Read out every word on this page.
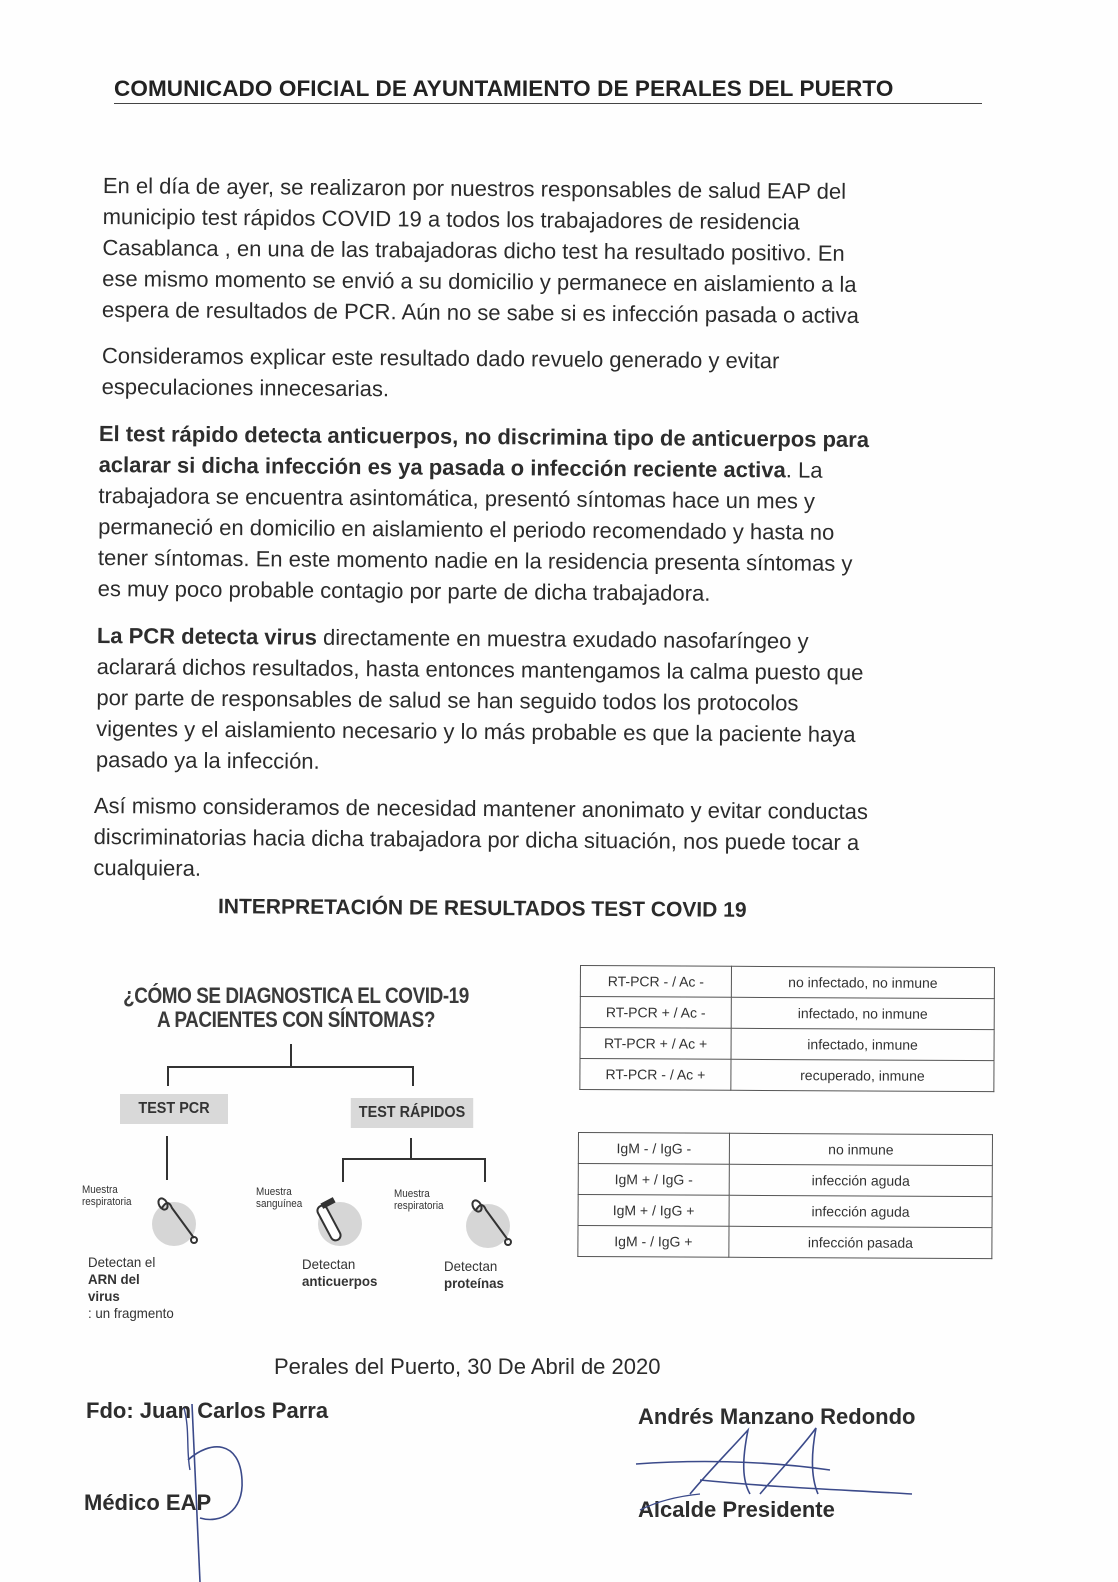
COMUNICADO OFICIAL DE AYUNTAMIENTO DE PERALES DEL PUERTO

En el día de ayer, se realizaron por nuestros responsables de salud EAP del
municipio test rápidos COVID 19 a todos los trabajadores de residencia
Casablanca , en una de las trabajadoras dicho test ha resultado positivo. En
ese mismo momento se envió a su domicilio y permanece en aislamiento a la
espera de resultados de PCR. Aún no se sabe si es infección pasada o activa

Consideramos explicar este resultado dado revuelo generado y evitar
especulaciones innecesarias.

El test rápido detecta anticuerpos, no discrimina tipo de anticuerpos para
aclarar si dicha infección es ya pasada o infección reciente activa. La
trabajadora se encuentra asintomática, presentó síntomas hace un mes y
permaneció en domicilio en aislamiento el periodo recomendado y hasta no
tener síntomas. En este momento nadie en la residencia presenta síntomas y
es muy poco probable contagio por parte de dicha trabajadora.

La PCR detecta virus directamente en muestra exudado nasofaríngeo y
aclarará dichos resultados, hasta entonces mantengamos la calma puesto que
por parte de responsables de salud se han seguido todos los protocolos
vigentes y el aislamiento necesario y lo más probable es que la paciente haya
pasado ya la infección.

Así mismo consideramos de necesidad mantener anonimato y evitar conductas
discriminatorias hacia dicha trabajadora por dicha situación, nos puede tocar a
cualquiera.

INTERPRETACIÓN DE RESULTADOS TEST COVID 19
¿CÓMO SE DIAGNOSTICA EL COVID-19
A PACIENTES CON SÍNTOMAS?
TEST PCR	TEST RÁPIDOS
Muestra
respiratoria
Muestra
sanguínea
Muestra
respiratoria
Detectan el
ARN del
virus
: un fragmento
Detectan
anticuerpos
Detectan
proteínas
RT-PCR - / Ac -	no infectado, no inmune
RT-PCR + / Ac -	infectado, no inmune
RT-PCR + / Ac +	infectado, inmune
RT-PCR - / Ac +	recuperado, inmune
IgM - / IgG -	no inmune
IgM + / IgG -	infección aguda
IgM + / IgG +	infección aguda
IgM - / IgG +	infección pasada
Perales del Puerto, 30 De Abril de 2020
Fdo: Juan Carlos Parra
Médico EAP
Andrés Manzano Redondo
Alcalde Presidente
